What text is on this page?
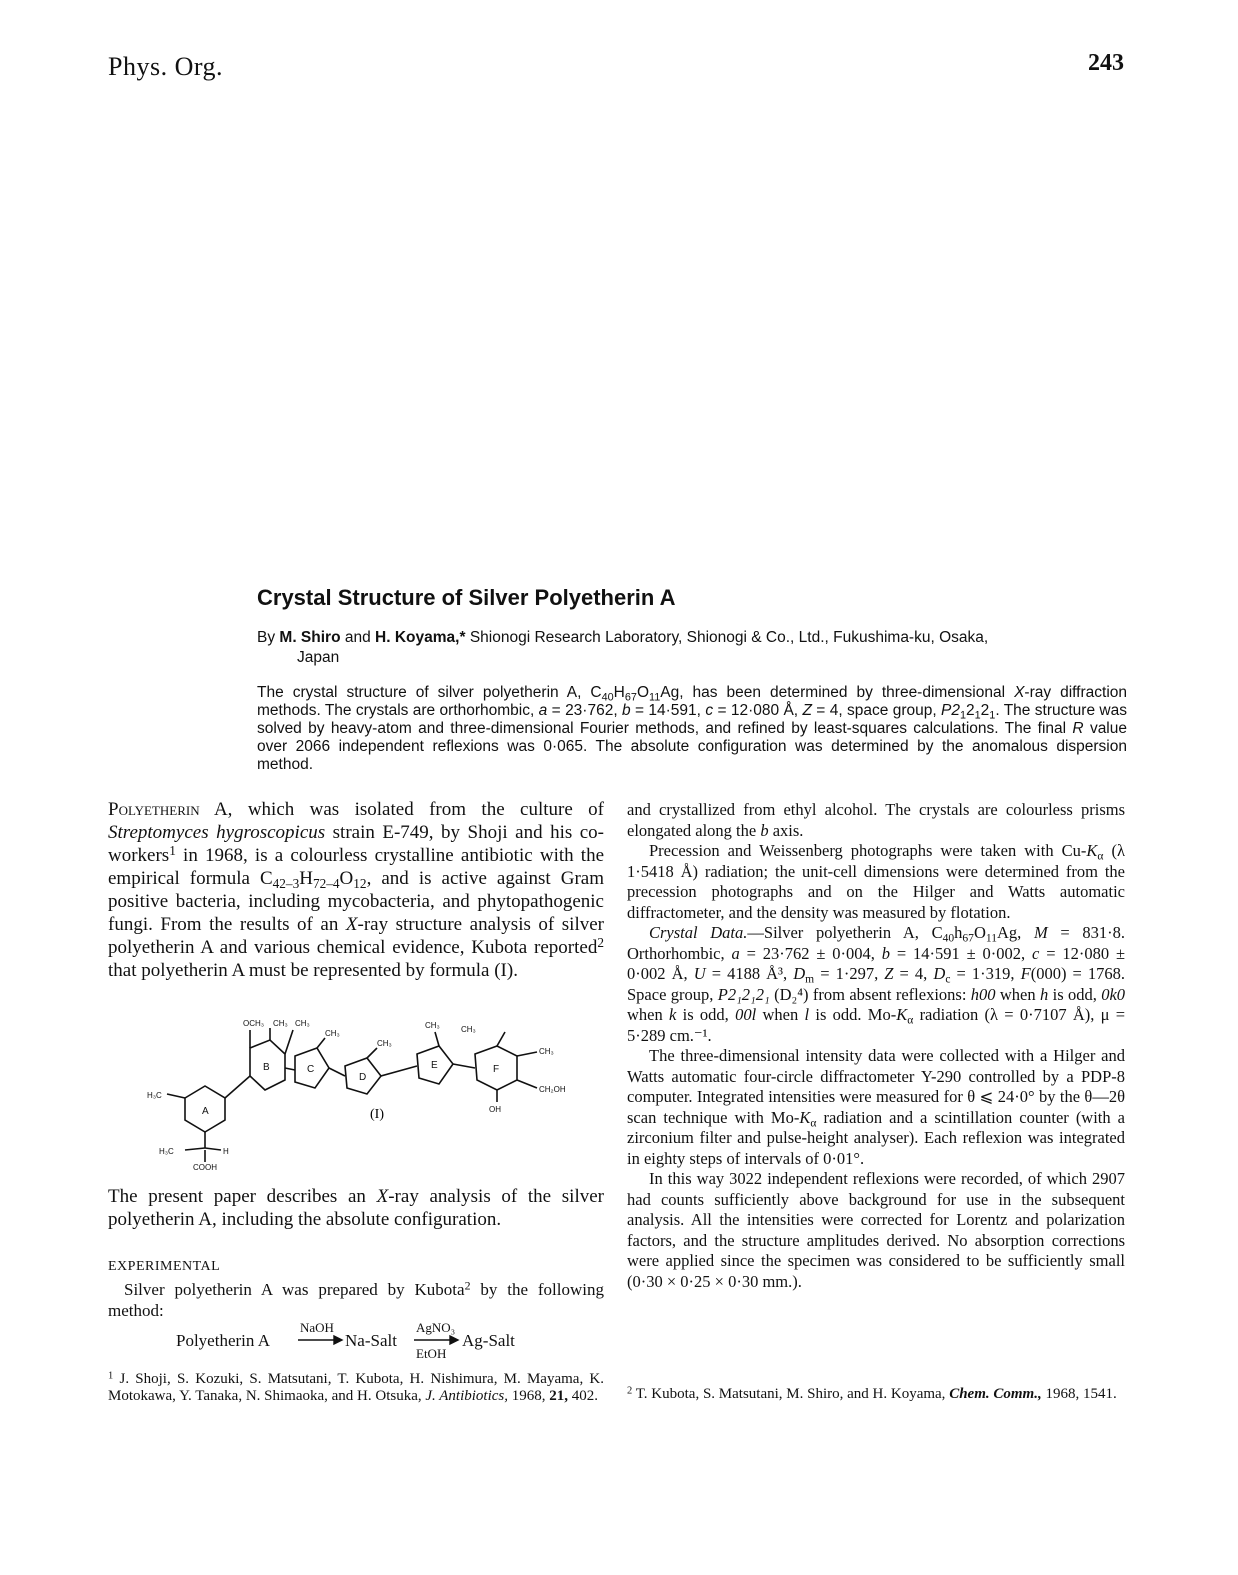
Phys. Org.	243
Crystal Structure of Silver Polyetherin A
By M. Shiro and H. Koyama,* Shionogi Research Laboratory, Shionogi & Co., Ltd., Fukushima-ku, Osaka,
Japan
The crystal structure of silver polyetherin A, $C_{40}H_{67}O_{11}Ag$, has been determined by three-dimensional X-ray diffraction methods. The crystals are orthorhombic, a = 23·762, b = 14·591, c = 12·080 Å, Z = 4, space group, $P2_12_12_1$. The structure was solved by heavy-atom and three-dimensional Fourier methods, and refined by least-squares calculations. The final R value over 2066 independent reflexions was 0·065. The absolute configuration was determined by the anomalous dispersion method.
Polyetherin A, which was isolated from the culture of Streptomyces hygroscopicus strain E-749, by Shoji and his co-workers$^1$ in 1968, is a colourless crystalline antibiotic with the empirical formula $C_{42-3}H_{72-4}O_{12}$, and is active against Gram positive bacteria, including mycobacteria, and phytopathogenic fungi. From the results of an X-ray structure analysis of silver polyetherin A and various chemical evidence, Kubota reported$^2$ that polyetherin A must be represented by formula (I).
OCH₃ CH₃ CH₃
CH₃
CH₃
CH₃	CH₃
CH₃
CH₂OH
OH
H₃C
H₃C	H
COOH
A
B	C
D
E	F
(I)
The present paper describes an X-ray analysis of the silver polyetherin A, including the absolute configuration.
EXPERIMENTAL
Silver polyetherin A was prepared by Kubota$^2$ by the following method:
Polyetherin A	Na-Salt	Ag-Salt
NaOH	AgNO₃
EtOH
$^1$ J. Shoji, S. Kozuki, S. Matsutani, T. Kubota, H. Nishimura, M. Mayama, K. Motokawa, Y. Tanaka, N. Shimaoka, and H. Otsuka, J. Antibiotics, 1968, 21, 402.

and crystallized from ethyl alcohol. The crystals are colourless prisms elongated along the b axis.

Precession and Weissenberg photographs were taken with $Cu-K_\alpha$ (λ 1·5418 Å) radiation; the unit-cell dimensions were determined from the precession photographs and on the Hilger and Watts automatic diffractometer, and the density was measured by flotation.

Crystal Data.—Silver polyetherin A, $C_{40}h_{67}O_{11}Ag$, M = 831·8. Orthorhombic, a = 23·762 ± 0·004, b = 14·591 ± 0·002, c = 12·080 ± 0·002 Å, U = 4188 Å³, $D_m = 1\cdot 297$, Z = 4, $D_c = 1\cdot 319$, F(000) = 1768. Space group, P2₁2₁2₁ (D₂⁴) from absent reflexions: h00 when h is odd, 0k0 when k is odd, 00l when l is odd. $Mo-K_\alpha$ radiation (λ = 0·7107 Å), μ = 5·289 cm.⁻¹.

The three-dimensional intensity data were collected with a Hilger and Watts automatic four-circle diffractometer Y-290 controlled by a PDP-8 computer. Integrated intensities were measured for θ ⩽ 24·0° by the θ—2θ scan technique with $Mo-K_\alpha$ radiation and a scintillation counter (with a zirconium filter and pulse-height analyser). Each reflexion was integrated in eighty steps of intervals of 0·01°.

In this way 3022 independent reflexions were recorded, of which 2907 had counts sufficiently above background for use in the subsequent analysis. All the intensities were corrected for Lorentz and polarization factors, and the structure amplitudes derived. No absorption corrections were applied since the specimen was considered to be sufficiently small (0·30 × 0·25 × 0·30 mm.).

$^2$ T. Kubota, S. Matsutani, M. Shiro, and H. Koyama, Chem. Comm., 1968, 1541.
